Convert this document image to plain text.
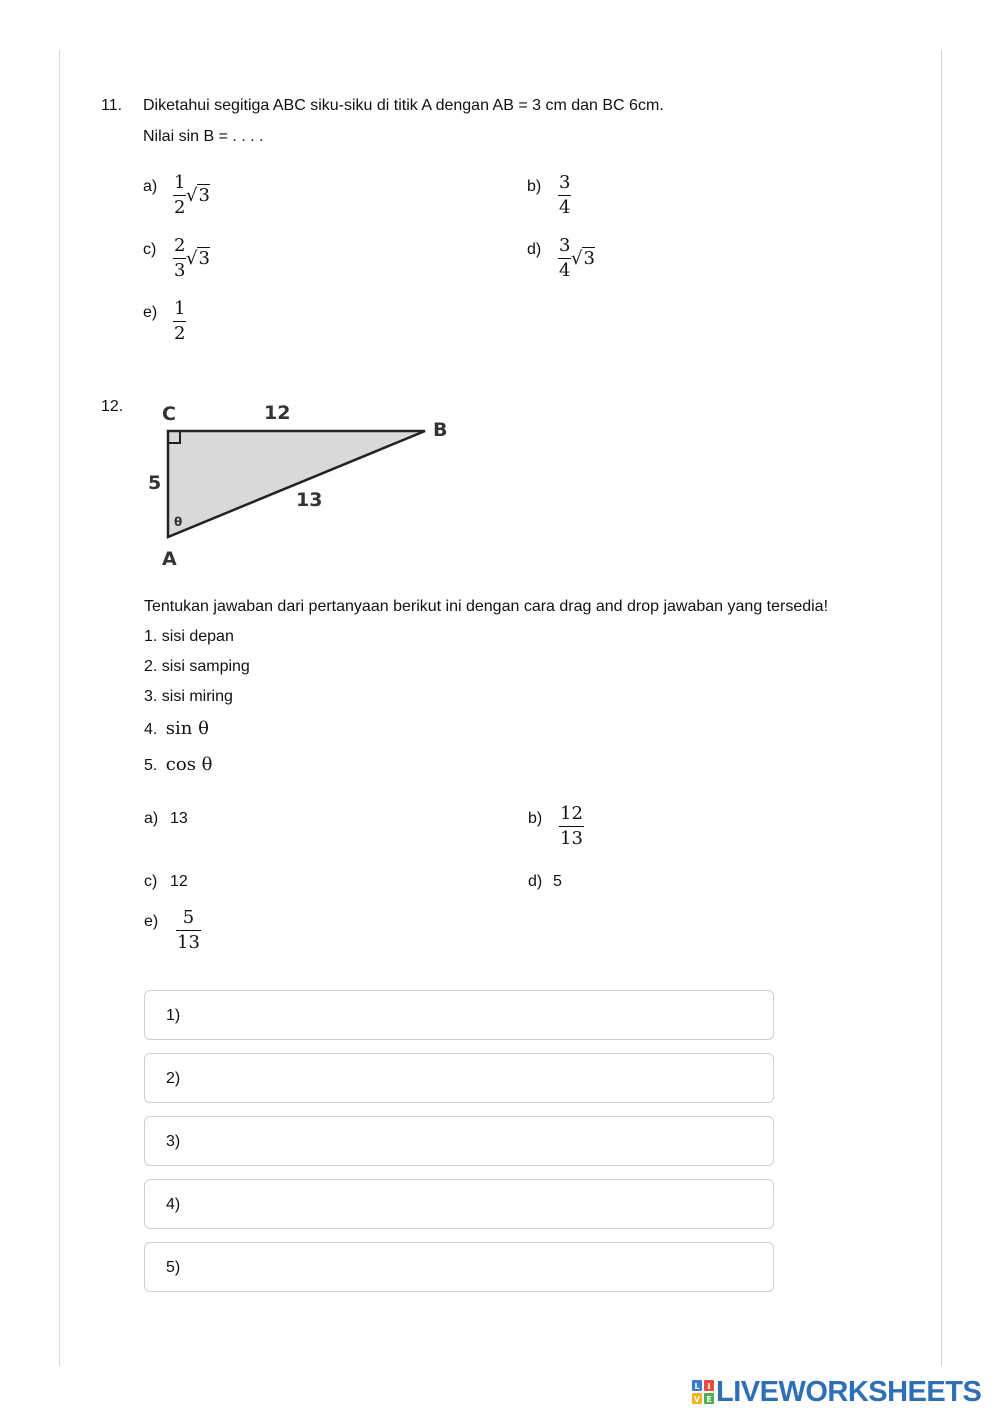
11. Diketahui segitiga ABC siku-siku di titik A dengan AB = 3 cm dan BC 6cm.
Nilai sin B = . . . .
$a) \frac{1}{2} √3$	$b) \frac{3}{4}$
$c) \frac{2}{3} √3$	$d) \frac{3}{4} √3$
$e) \frac{1}{2}$
12. C	12
B
5
13
θ
A
Tentukan jawaban dari pertanyaan berikut ini dengan cara drag and drop jawaban yang tersedia!
1. sisi depan
2. sisi samping
3. sisi miring
4. sin θ
5. cos θ
a) 13	$b) \frac{12}{13}$
c) 12	d) 5
$e) \frac{5}{13}$
1)
2)
3)
4)
5)
L I
V E LIVEWORKSHEETS
